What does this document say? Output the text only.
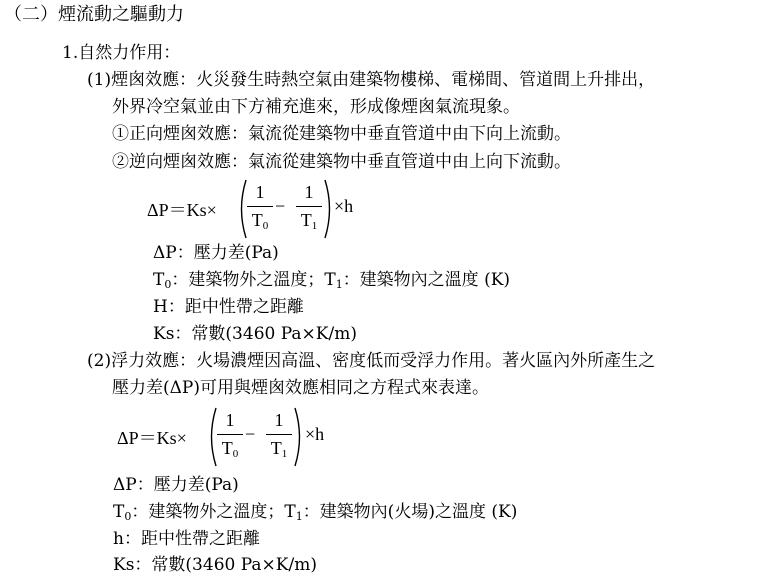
（二）煙流動之驅動力
1.自然力作用：
(1)煙囪效應：火災發生時熱空氣由建築物樓梯、電梯間、管道間上升排出，
外界冷空氣並由下方補充進來，形成像煙囪氣流現象。
①正向煙囪效應：氣流從建築物中垂直管道中由下向上流動。
②逆向煙囪效應：氣流從建築物中垂直管道中由上向下流動。
ΔP＝Ks×
1
$T_0$
−
1
$T_1$
×h
ΔP：壓力差(Pa)
$T_0$：建築物外之溫度；$T_1$：建築物內之溫度 (K)
H：距中性帶之距離
Ks：常數(3460 Pa×K/m)
(2)浮力效應：火場濃煙因高溫、密度低而受浮力作用。著火區內外所產生之
壓力差(ΔP)可用與煙囪效應相同之方程式來表達。
ΔP＝Ks×
1
$T_0$
−
1
$T_1$
×h
ΔP：壓力差(Pa)
$T_0$：建築物外之溫度；$T_1$：建築物內(火場)之溫度 (K)
h：距中性帶之距離
Ks：常數(3460 Pa×K/m)
